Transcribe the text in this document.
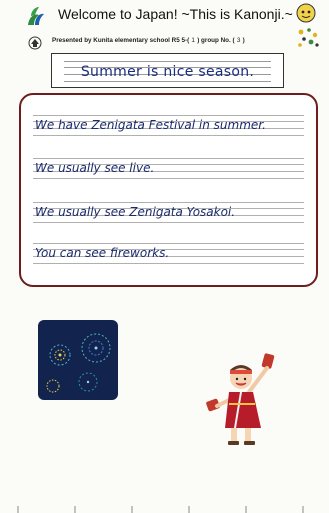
Welcome to Japan! ~This is Kanonji.~
Presented by Kunita elementary school R5 5-( 1 ) group No. ( 3 )
Summer is nice season.
We have Zenigata Festival in summer.
We usually see live.
We usually see Zenigata Yosakoi.
You can see fireworks.
